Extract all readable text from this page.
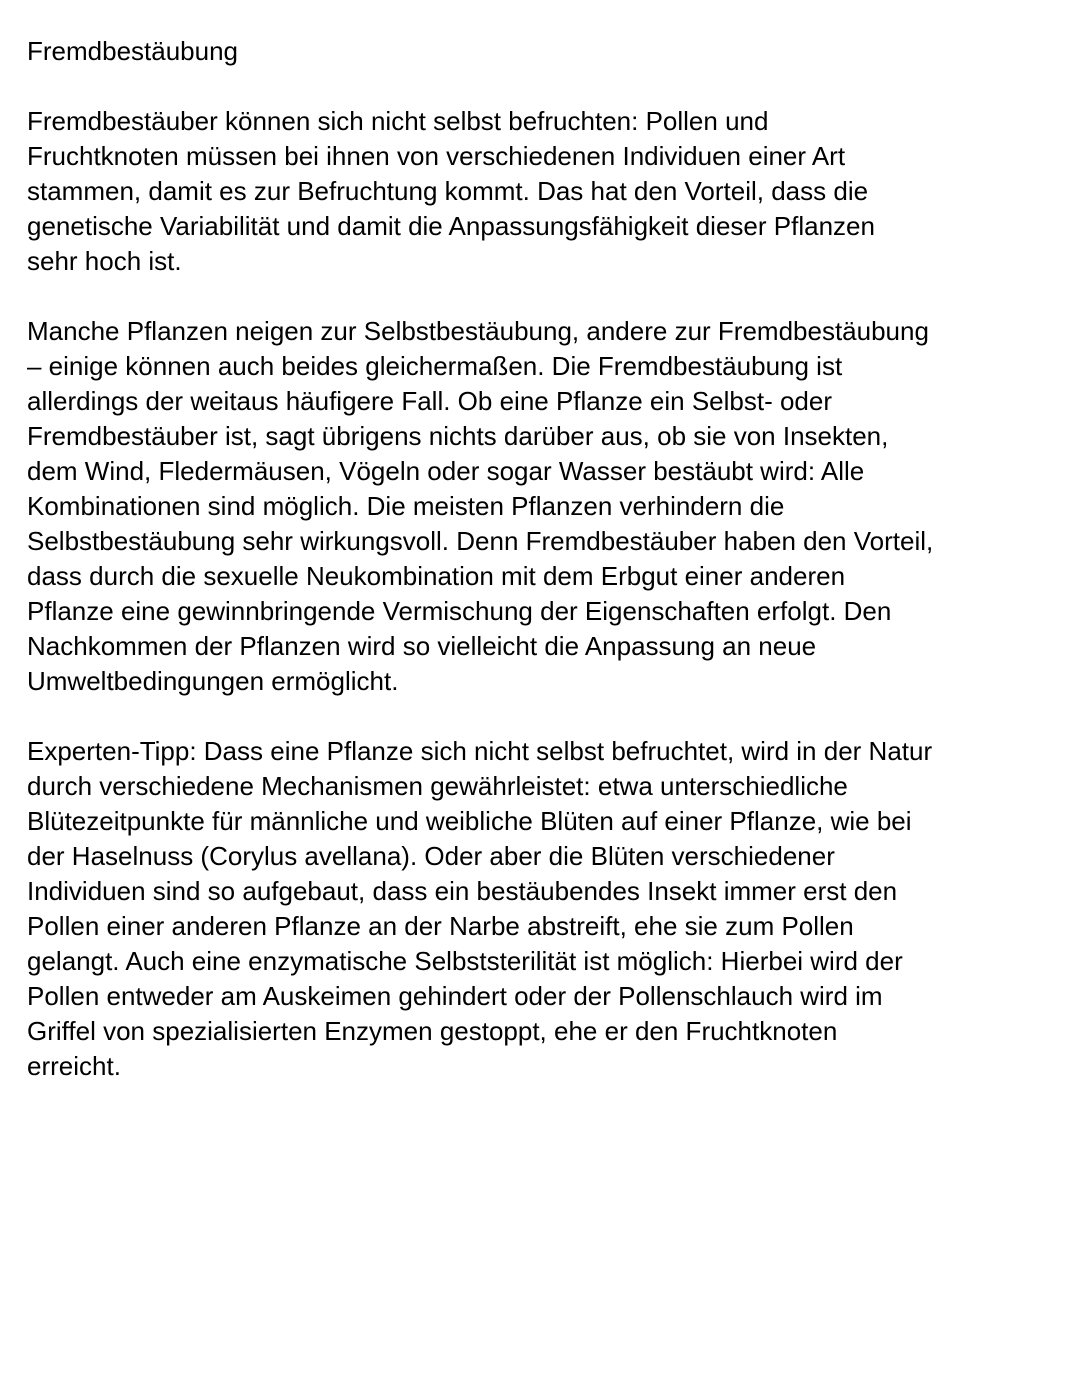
Fremdbestäubung
Fremdbestäuber können sich nicht selbst befruchten: Pollen und
Fruchtknoten müssen bei ihnen von verschiedenen Individuen einer Art
stammen, damit es zur Befruchtung kommt. Das hat den Vorteil, dass die
genetische Variabilität und damit die Anpassungsfähigkeit dieser Pflanzen
sehr hoch ist.
Manche Pflanzen neigen zur Selbstbestäubung, andere zur Fremdbestäubung
– einige können auch beides gleichermaßen. Die Fremdbestäubung ist
allerdings der weitaus häufigere Fall. Ob eine Pflanze ein Selbst- oder
Fremdbestäuber ist, sagt übrigens nichts darüber aus, ob sie von Insekten,
dem Wind, Fledermäusen, Vögeln oder sogar Wasser bestäubt wird: Alle
Kombinationen sind möglich. Die meisten Pflanzen verhindern die
Selbstbestäubung sehr wirkungsvoll. Denn Fremdbestäuber haben den Vorteil,
dass durch die sexuelle Neukombination mit dem Erbgut einer anderen
Pflanze eine gewinnbringende Vermischung der Eigenschaften erfolgt. Den
Nachkommen der Pflanzen wird so vielleicht die Anpassung an neue
Umweltbedingungen ermöglicht.
Experten-Tipp: Dass eine Pflanze sich nicht selbst befruchtet, wird in der Natur
durch verschiedene Mechanismen gewährleistet: etwa unterschiedliche
Blütezeitpunkte für männliche und weibliche Blüten auf einer Pflanze, wie bei
der Haselnuss (Corylus avellana). Oder aber die Blüten verschiedener
Individuen sind so aufgebaut, dass ein bestäubendes Insekt immer erst den
Pollen einer anderen Pflanze an der Narbe abstreift, ehe sie zum Pollen
gelangt. Auch eine enzymatische Selbststerilität ist möglich: Hierbei wird der
Pollen entweder am Auskeimen gehindert oder der Pollenschlauch wird im
Griffel von spezialisierten Enzymen gestoppt, ehe er den Fruchtknoten
erreicht.
